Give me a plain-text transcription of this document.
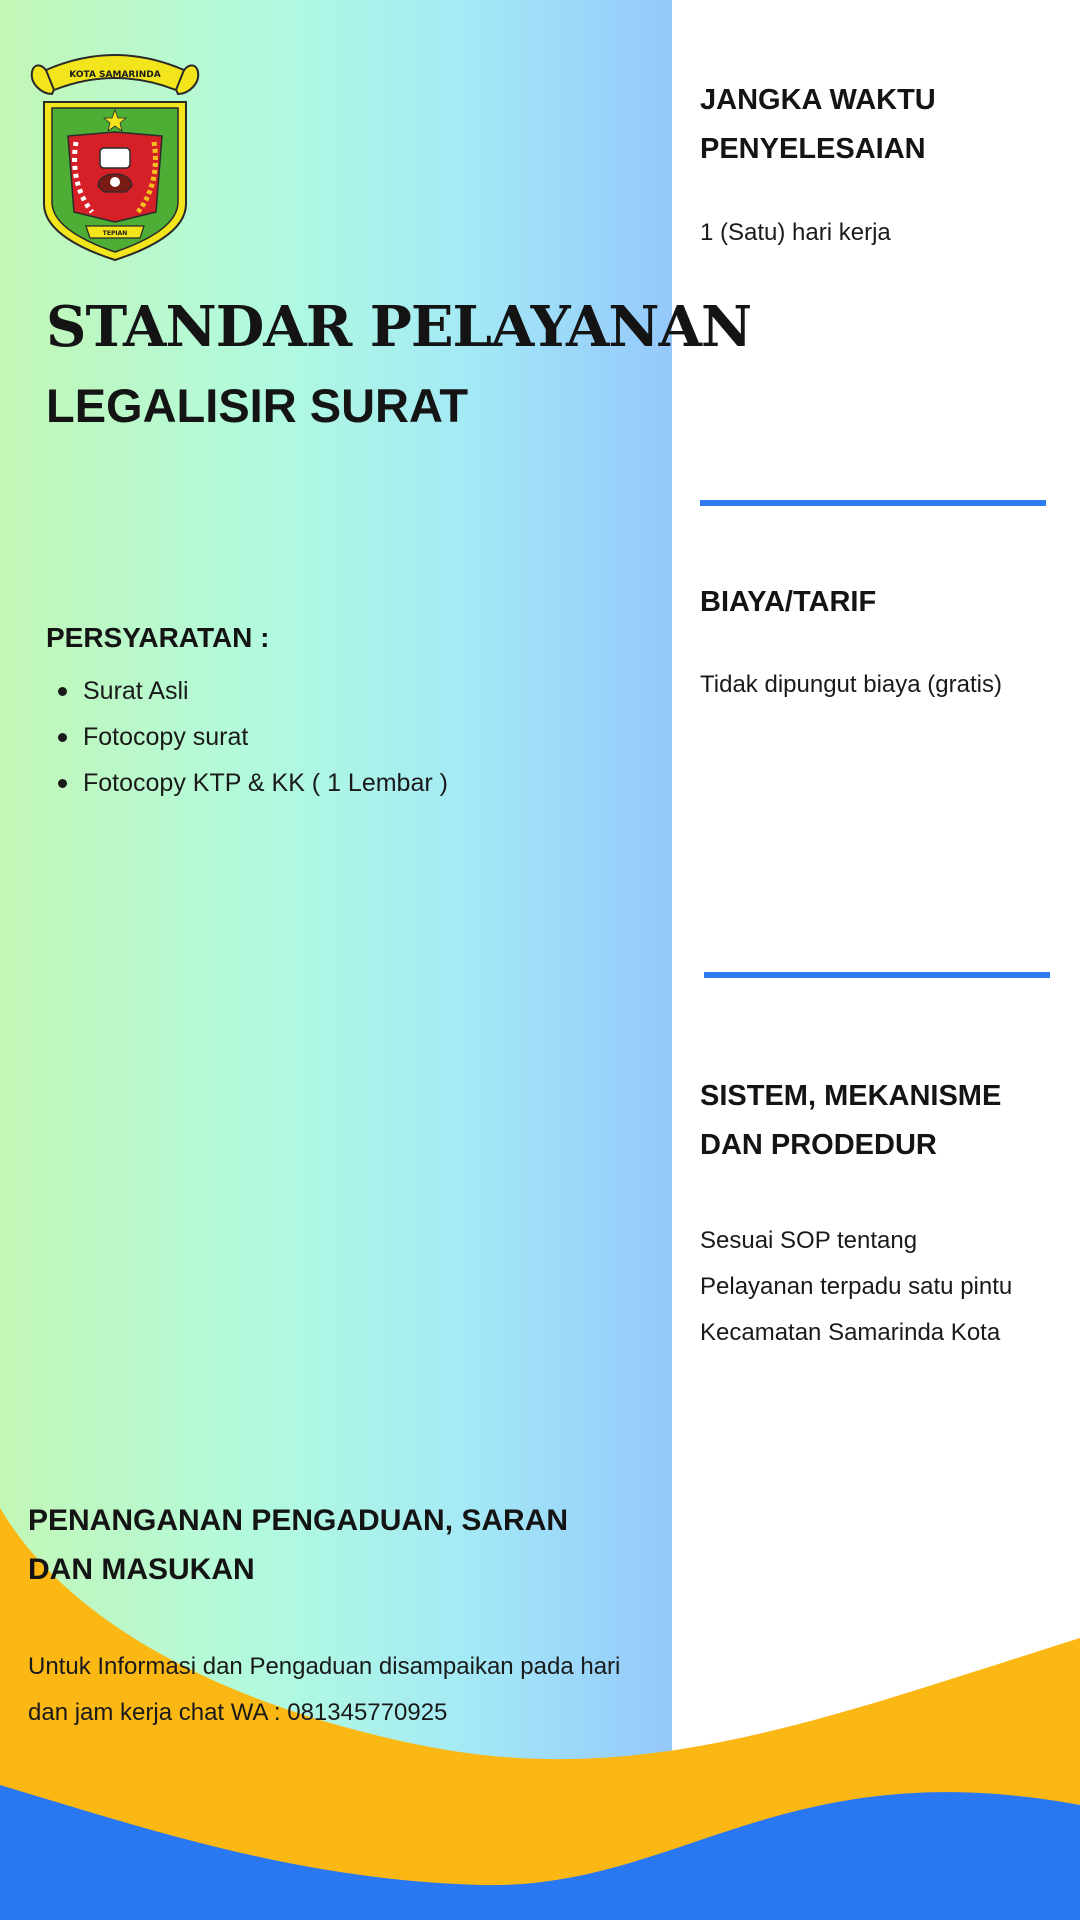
KOTA SAMARINDA
TEPIAN
STANDAR PELAYANAN
LEGALISIR SURAT
PERSYARATAN :
Surat Asli
Fotocopy surat
Fotocopy KTP & KK ( 1 Lembar )
JANGKA WAKTU PENYELESAIAN

1 (Satu) hari kerja

BIAYA/TARIF

Tidak dipungut biaya (gratis)

SISTEM, MEKANISME DAN PRODEDUR

Sesuai SOP tentang Pelayanan terpadu satu pintu Kecamatan Samarinda Kota

PENANGANAN PENGADUAN, SARAN DAN MASUKAN

Untuk Informasi dan Pengaduan disampaikan pada hari dan jam kerja chat WA : 081345770925
